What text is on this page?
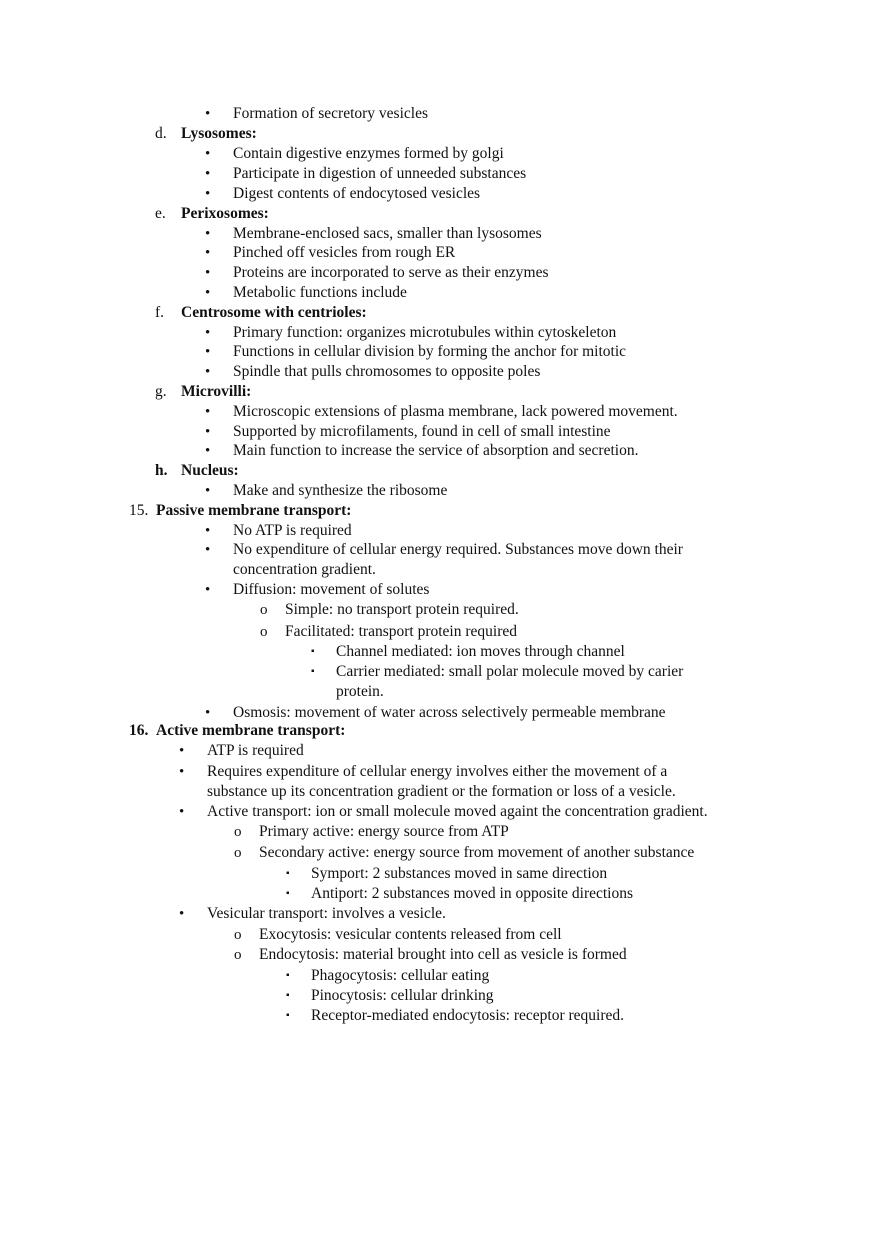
• Formation of secretory vesicles
d. Lysosomes:
• Contain digestive enzymes formed by golgi
• Participate in digestion of unneeded substances
• Digest contents of endocytosed vesicles
e. Perixosomes:
• Membrane-enclosed sacs, smaller than lysosomes
• Pinched off vesicles from rough ER
• Proteins are incorporated to serve as their enzymes
• Metabolic functions include
f. Centrosome with centrioles:
• Primary function: organizes microtubules within cytoskeleton
• Functions in cellular division by forming the anchor for mitotic
• Spindle that pulls chromosomes to opposite poles
g. Microvilli:
• Microscopic extensions of plasma membrane, lack powered movement.
• Supported by microfilaments, found in cell of small intestine
• Main function to increase the service of absorption and secretion.
h. Nucleus:
• Make and synthesize the ribosome
15. Passive membrane transport:
• No ATP is required
• No expenditure of cellular energy required. Substances move down their
concentration gradient.
• Diffusion: movement of solutes
o Simple: no transport protein required.
o Facilitated: transport protein required
▪ Channel mediated: ion moves through channel
▪ Carrier mediated: small polar molecule moved by carier
protein.
• Osmosis: movement of water across selectively permeable membrane
16. Active membrane transport:
• ATP is required
• Requires expenditure of cellular energy involves either the movement of a
substance up its concentration gradient or the formation or loss of a vesicle.
• Active transport: ion or small molecule moved againt the concentration gradient.
o Primary active: energy source from ATP
o Secondary active: energy source from movement of another substance
▪ Symport: 2 substances moved in same direction
▪ Antiport: 2 substances moved in opposite directions
• Vesicular transport: involves a vesicle.
o Exocytosis: vesicular contents released from cell
o Endocytosis: material brought into cell as vesicle is formed
▪ Phagocytosis: cellular eating
▪ Pinocytosis: cellular drinking
▪ Receptor-mediated endocytosis: receptor required.
